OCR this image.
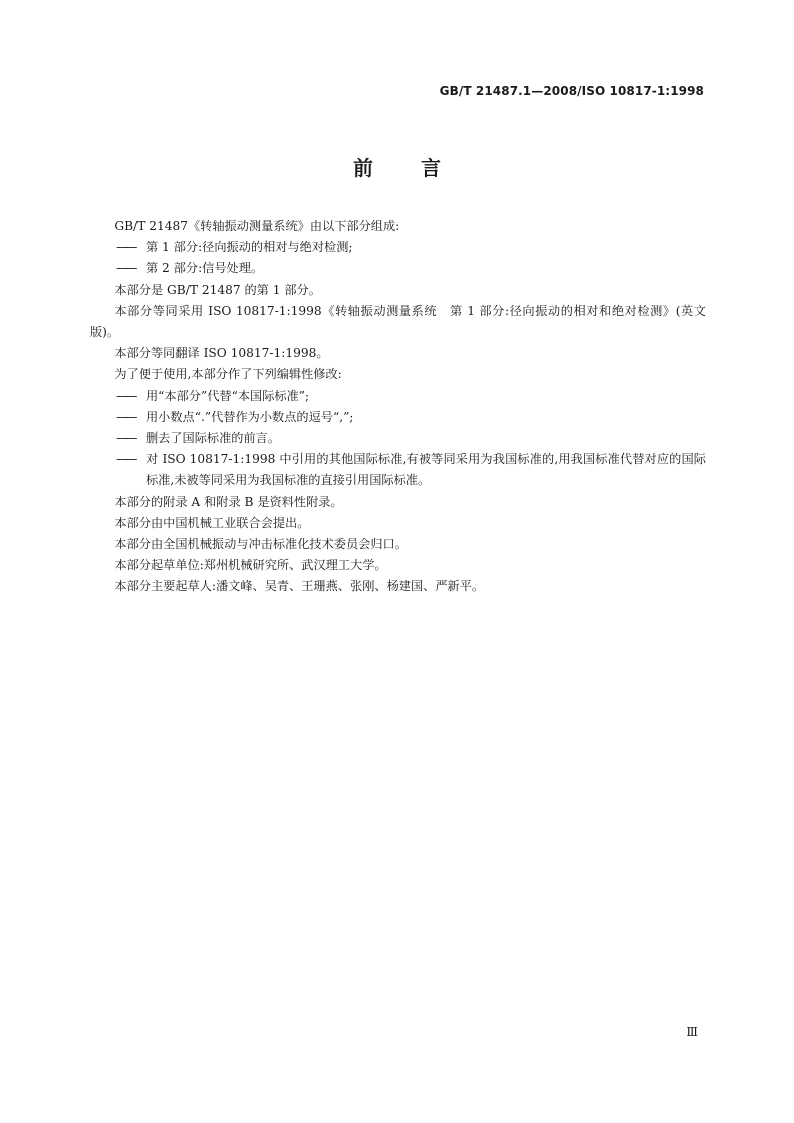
GB/T 21487.1—2008/ISO 10817-1:1998
前言

GB/T 21487《转轴振动测量系统》由以下部分组成:

—— 第 1 部分:径向振动的相对与绝对检测;

—— 第 2 部分:信号处理。

本部分是 GB/T 21487 的第 1 部分。

本部分等同采用 ISO 10817-1:1998《转轴振动测量系统　第 1 部分:径向振动的相对和绝对检测》(英文版)。

本部分等同翻译 ISO 10817-1:1998。

为了便于使用,本部分作了下列编辑性修改:

—— 用“本部分”代替“本国际标准”;

—— 用小数点“.”代替作为小数点的逗号“,”;

—— 删去了国际标准的前言。

—— 对 ISO 10817-1:1998 中引用的其他国际标准,有被等同采用为我国标准的,用我国标准代替对应的国际标准,未被等同采用为我国标准的直接引用国际标准。

本部分的附录 A 和附录 B 是资料性附录。

本部分由中国机械工业联合会提出。

本部分由全国机械振动与冲击标准化技术委员会归口。

本部分起草单位:郑州机械研究所、武汉理工大学。

本部分主要起草人:潘文峰、吴青、王珊燕、张刚、杨建国、严新平。

Ⅲ
